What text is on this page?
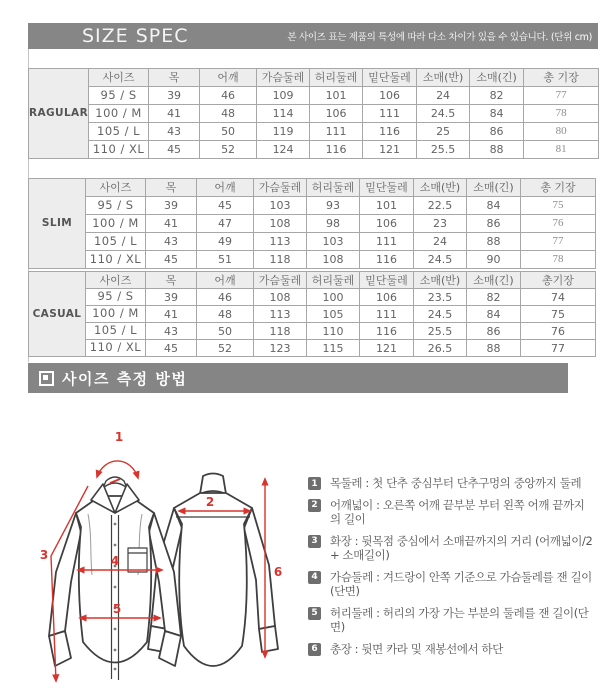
SIZE SPEC	본 사이즈 표는 제품의 특성에 따라 다소 차이가 있을 수 있습니다. (단위 cm)
RAGULAR	사이즈	목	어깨	가슴둘레	허리둘레	밑단둘레	소매(반)	소매(긴)	총 기장
	95 / S	39	46	109	101	106	24	82	77
	100 / M	41	48	114	106	111	24.5	84	78
	105 / L	43	50	119	111	116	25	86	80
	110 / XL	45	52	124	116	121	25.5	88	81
SLIM	사이즈	목	어깨	가슴둘레	허리둘레	밑단둘레	소매(반)	소매(긴)	총 기장
	95 / S	39	45	103	93	101	22.5	84	75
	100 / M	41	47	108	98	106	23	86	76
	105 / L	43	49	113	103	111	24	88	77
	110 / XL	45	51	118	108	116	24.5	90	78
CASUAL	사이즈	목	어깨	가슴둘레	허리둘레	밑단둘레	소매(반)	소매(긴)	총기장
	95 / S	39	46	108	100	106	23.5	82	74
	100 / M	41	48	113	105	111	24.5	84	75
	105 / L	43	50	118	110	116	25.5	86	76
	110 / XL	45	52	123	115	121	26.5	88	77
사이즈 측정 방법
1
2
3	4
5
6
1 목둘레 : 첫 단추 중심부터 단추구멍의 중앙까지 둘레
2 어깨넓이 : 오른쪽 어깨 끝부분 부터 왼쪽 어깨 끝까지의 길이
3 화장 : 뒷목점 중심에서 소매끝까지의 거리 (어깨넓이/2 + 소매길이)
4 가슴둘레 : 겨드랑이 안쪽 기준으로 가슴둘레를 잰 길이(단면)
5 허리둘레 : 허리의 가장 가는 부분의 둘레를 잰 길이(단면)
6 총장 : 뒷면 카라 및 재봉선에서 하단
